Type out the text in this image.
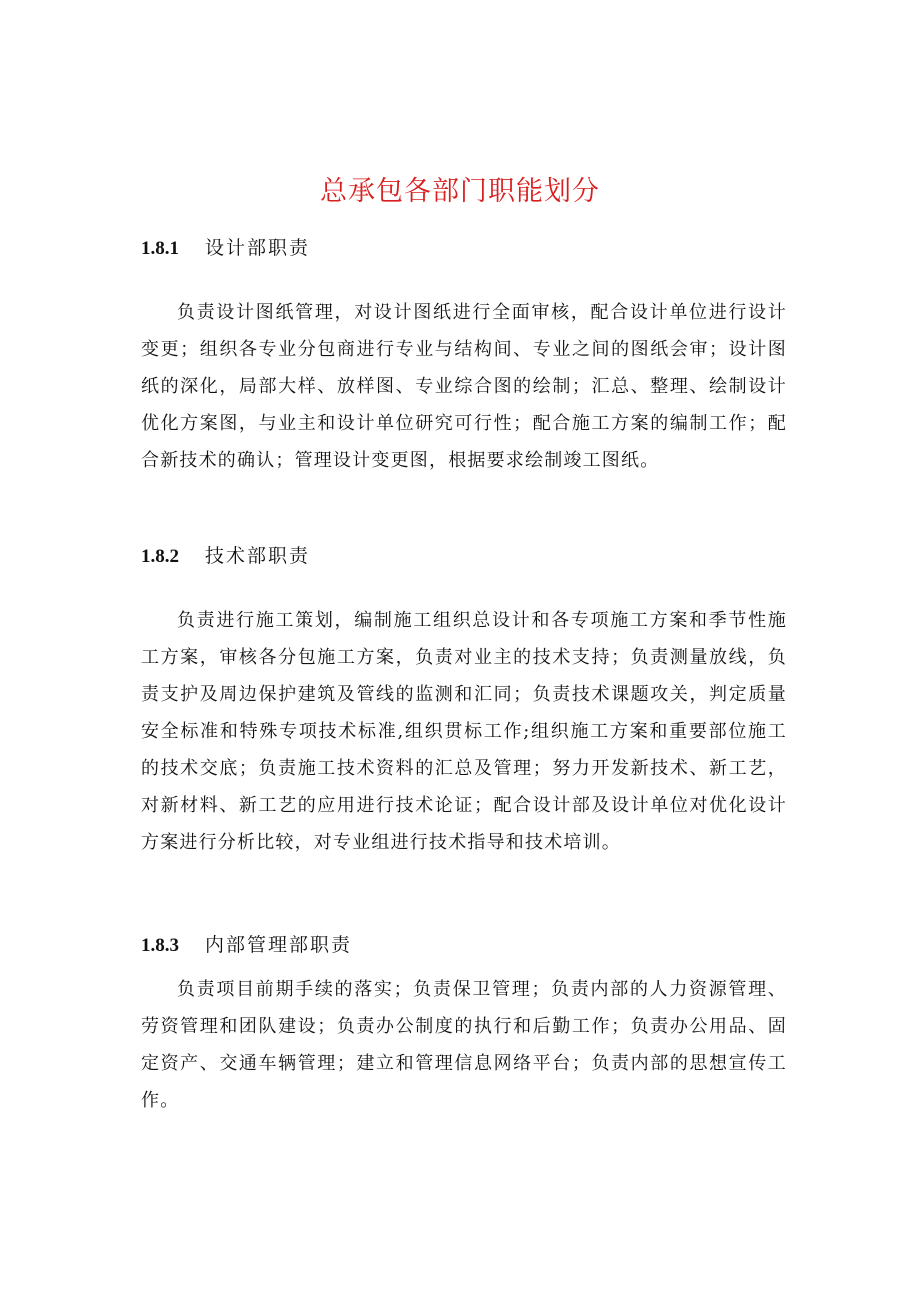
总承包各部门职能划分
1.8.1 设计部职责

负责设计图纸管理，对设计图纸进行全面审核，配合设计单位进行设计变更；组织各专业分包商进行专业与结构间、专业之间的图纸会审；设计图纸的深化，局部大样、放样图、专业综合图的绘制；汇总、整理、绘制设计优化方案图，与业主和设计单位研究可行性；配合施工方案的编制工作；配合新技术的确认；管理设计变更图，根据要求绘制竣工图纸。

1.8.2 技术部职责

负责进行施工策划，编制施工组织总设计和各专项施工方案和季节性施工方案，审核各分包施工方案，负责对业主的技术支持；负责测量放线，负责支护及周边保护建筑及管线的监测和汇同；负责技术课题攻关，判定质量安全标准和特殊专项技术标准,组织贯标工作;组织施工方案和重要部位施工的技术交底；负责施工技术资料的汇总及管理；努力开发新技术、新工艺，对新材料、新工艺的应用进行技术论证；配合设计部及设计单位对优化设计方案进行分析比较，对专业组进行技术指导和技术培训。

1.8.3 内部管理部职责

负责项目前期手续的落实；负责保卫管理；负责内部的人力资源管理、劳资管理和团队建设；负责办公制度的执行和后勤工作；负责办公用品、固定资产、交通车辆管理；建立和管理信息网络平台；负责内部的思想宣传工作。
